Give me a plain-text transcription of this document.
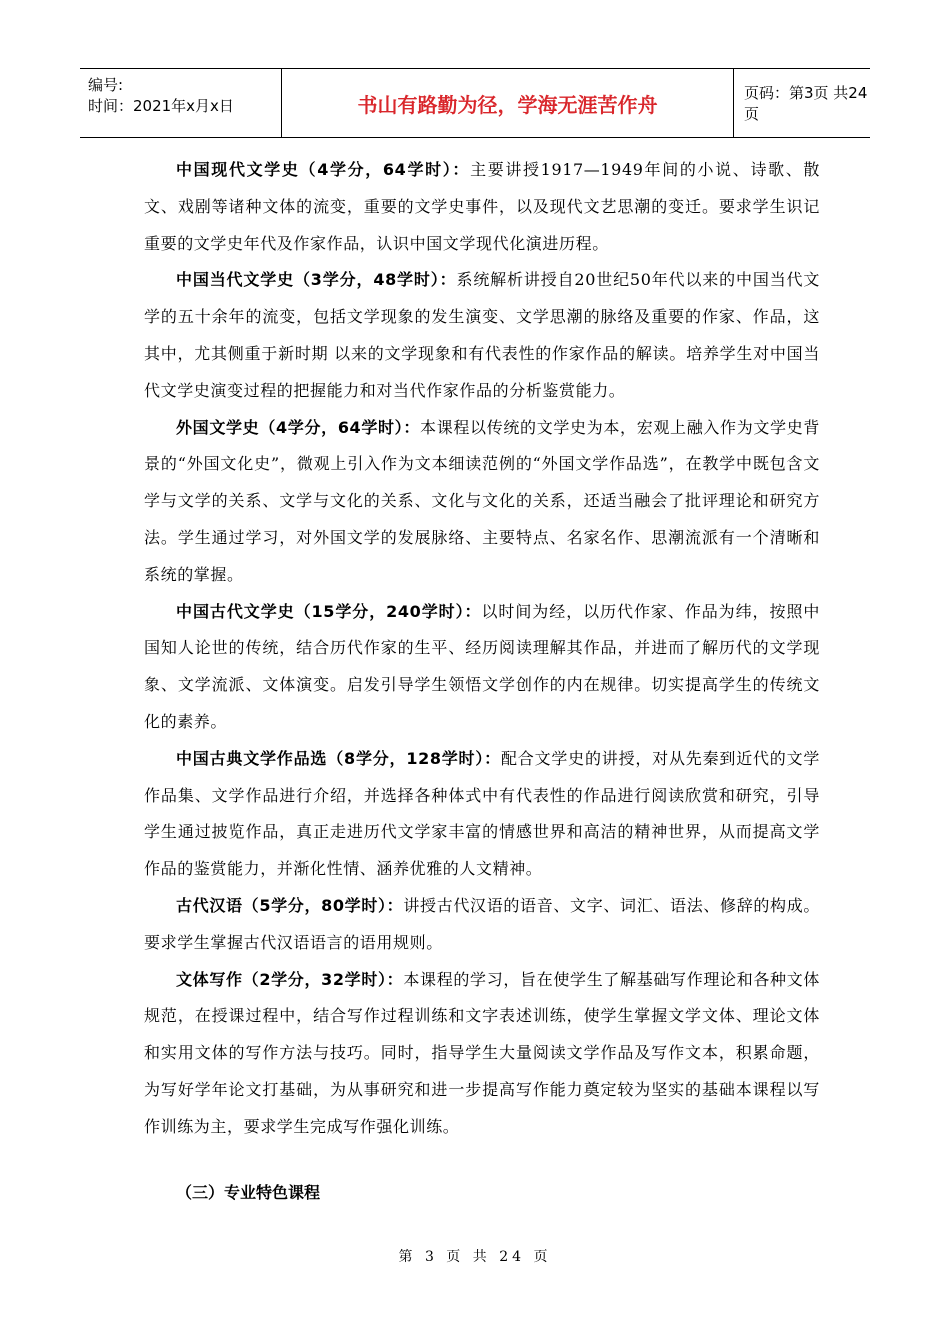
编号:
时间：2021年x月x日	书山有路勤为径，学海无涯苦作舟	页码：第3页 共24页

中国现代文学史（4学分，64学时）：主要讲授1917—1949年间的小说、诗歌、散文、戏剧等诸种文体的流变，重要的文学史事件，以及现代文艺思潮的变迁。要求学生识记重要的文学史年代及作家作品，认识中国文学现代化演进历程。

中国当代文学史（3学分，48学时）：系统解析讲授自20世纪50年代以来的中国当代文学的五十余年的流变，包括文学现象的发生演变、文学思潮的脉络及重要的作家、作品，这其中，尤其侧重于新时期 以来的文学现象和有代表性的作家作品的解读。培养学生对中国当代文学史演变过程的把握能力和对当代作家作品的分析鉴赏能力。

外国文学史（4学分，64学时）：本课程以传统的文学史为本，宏观上融入作为文学史背景的“外国文化史”，微观上引入作为文本细读范例的“外国文学作品选”，在教学中既包含文学与文学的关系、文学与文化的关系、文化与文化的关系，还适当融会了批评理论和研究方法。学生通过学习，对外国文学的发展脉络、主要特点、名家名作、思潮流派有一个清晰和系统的掌握。

中国古代文学史（15学分，240学时）：以时间为经，以历代作家、作品为纬，按照中国知人论世的传统，结合历代作家的生平、经历阅读理解其作品，并进而了解历代的文学现象、文学流派、文体演变。启发引导学生领悟文学创作的内在规律。切实提高学生的传统文化的素养。

中国古典文学作品选（8学分，128学时）：配合文学史的讲授，对从先秦到近代的文学作品集、文学作品进行介绍，并选择各种体式中有代表性的作品进行阅读欣赏和研究，引导学生通过披览作品，真正走进历代文学家丰富的情感世界和高洁的精神世界，从而提高文学作品的鉴赏能力，并渐化性情、涵养优雅的人文精神。

古代汉语（5学分，80学时）：讲授古代汉语的语音、文字、词汇、语法、修辞的构成。要求学生掌握古代汉语语言的语用规则。

文体写作（2学分，32学时）：本课程的学习，旨在使学生了解基础写作理论和各种文体规范，在授课过程中，结合写作过程训练和文字表述训练，使学生掌握文学文体、理论文体和实用文体的写作方法与技巧。同时，指导学生大量阅读文学作品及写作文本，积累命题，为写好学年论文打基础，为从事研究和进一步提高写作能力奠定较为坚实的基础本课程以写作训练为主，要求学生完成写作强化训练。

（三）专业特色课程
第 3 页 共 24 页
